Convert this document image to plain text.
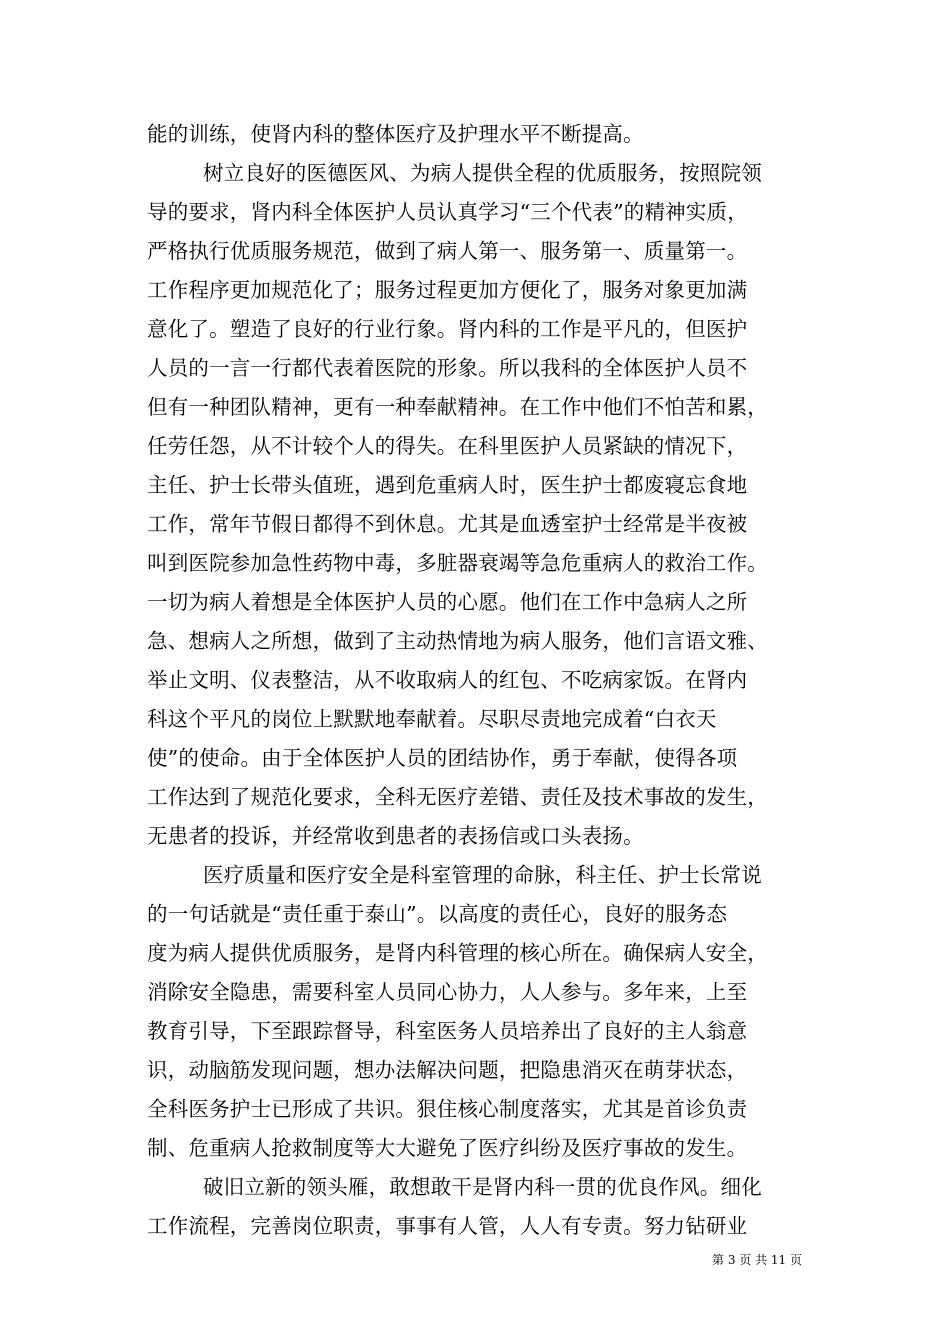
能的训练，使肾内科的整体医疗及护理水平不断提高。
树立良好的医德医风、为病人提供全程的优质服务，按照院领
导的要求，肾内科全体医护人员认真学习“三个代表”的精神实质，
严格执行优质服务规范，做到了病人第一、服务第一、质量第一。
工作程序更加规范化了；服务过程更加方便化了，服务对象更加满
意化了。塑造了良好的行业行象。肾内科的工作是平凡的，但医护
人员的一言一行都代表着医院的形象。所以我科的全体医护人员不
但有一种团队精神，更有一种奉献精神。在工作中他们不怕苦和累，
任劳任怨，从不计较个人的得失。在科里医护人员紧缺的情况下，
主任、护士长带头值班，遇到危重病人时，医生护士都废寝忘食地
工作，常年节假日都得不到休息。尤其是血透室护士经常是半夜被
叫到医院参加急性药物中毒，多脏器衰竭等急危重病人的救治工作。
一切为病人着想是全体医护人员的心愿。他们在工作中急病人之所
急、想病人之所想，做到了主动热情地为病人服务，他们言语文雅、
举止文明、仪表整洁，从不收取病人的红包、不吃病家饭。在肾内
科这个平凡的岗位上默默地奉献着。尽职尽责地完成着“白衣天
使”的使命。由于全体医护人员的团结协作，勇于奉献，使得各项
工作达到了规范化要求，全科无医疗差错、责任及技术事故的发生，
无患者的投诉，并经常收到患者的表扬信或口头表扬。
医疗质量和医疗安全是科室管理的命脉，科主任、护士长常说
的一句话就是“责任重于泰山”。以高度的责任心，良好的服务态
度为病人提供优质服务，是肾内科管理的核心所在。确保病人安全，
消除安全隐患，需要科室人员同心协力，人人参与。多年来，上至
教育引导，下至跟踪督导，科室医务人员培养出了良好的主人翁意
识，动脑筋发现问题，想办法解决问题，把隐患消灭在萌芽状态，
全科医务护士已形成了共识。狠住核心制度落实，尤其是首诊负责
制、危重病人抢救制度等大大避免了医疗纠纷及医疗事故的发生。
破旧立新的领头雁，敢想敢干是肾内科一贯的优良作风。细化
工作流程，完善岗位职责，事事有人管，人人有专责。努力钻研业
第 3 页 共 11 页
